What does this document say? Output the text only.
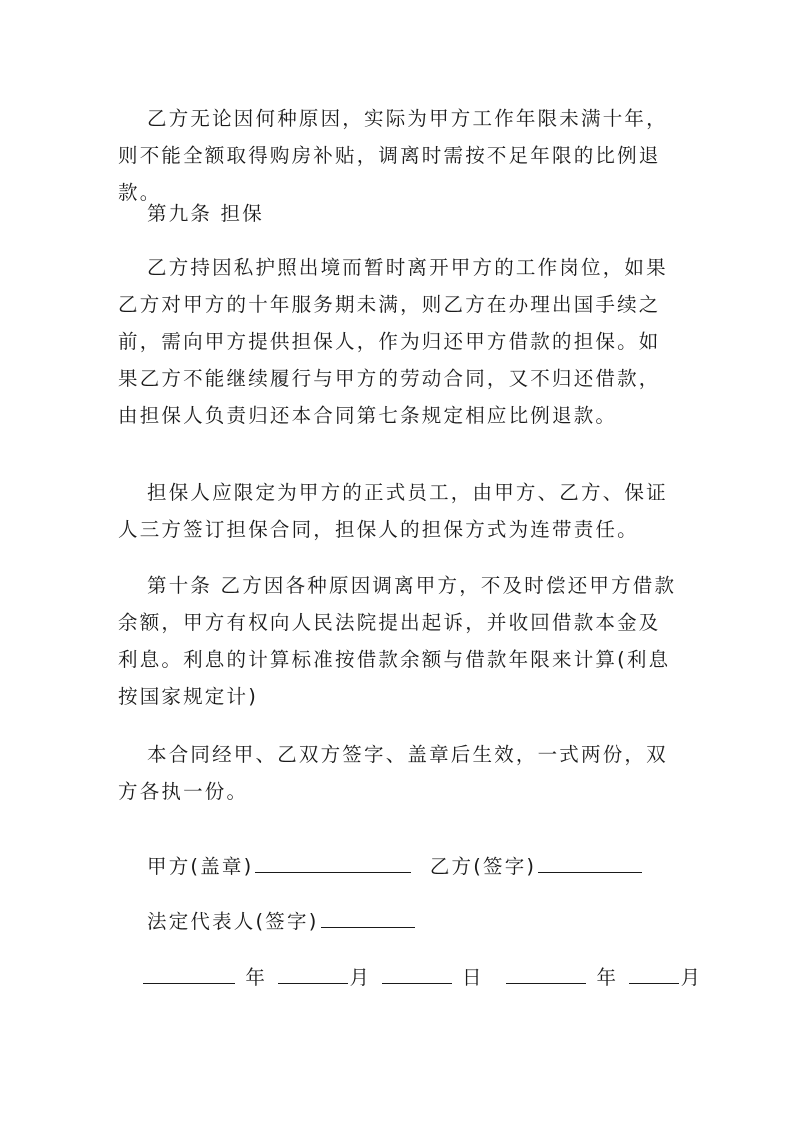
乙方无论因何种原因，实际为甲方工作年限未满十年，则不能全额取得购房补贴，调离时需按不足年限的比例退款。

第九条 担保

乙方持因私护照出境而暂时离开甲方的工作岗位，如果乙方对甲方的十年服务期未满，则乙方在办理出国手续之前，需向甲方提供担保人，作为归还甲方借款的担保。如果乙方不能继续履行与甲方的劳动合同，又不归还借款，由担保人负责归还本合同第七条规定相应比例退款。

担保人应限定为甲方的正式员工，由甲方、乙方、保证人三方签订担保合同，担保人的担保方式为连带责任。

第十条 乙方因各种原因调离甲方，不及时偿还甲方借款余额，甲方有权向人民法院提出起诉，并收回借款本金及利息。利息的计算标准按借款余额与借款年限来计算(利息按国家规定计)

本合同经甲、乙双方签字、盖章后生效，一式两份，双方各执一份。

甲方(盖章)	乙方(签字)
法定代表人(签字)
年	月	日	年	月
